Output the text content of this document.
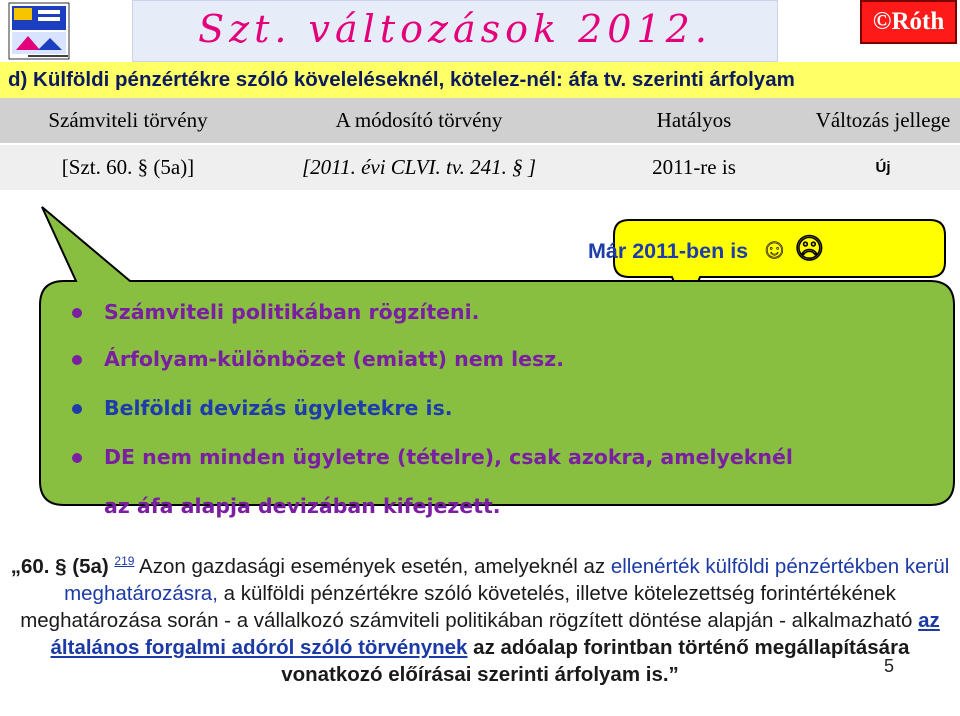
Szt. változások 2012.	©Róth
d) Külföldi pénzértékre szóló köveleléseknél, kötelez-nél: áfa tv. szerinti árfolyam
Számviteli törvény	A módosító törvény	Hatályos	Változás jellege
[Szt. 60. § (5a)]	[2011. évi CLVI. tv. 241. § ]	2011-re is	Új
Már 2011-ben is ☺ ☹
Számviteli politikában rögzíteni.
Árfolyam-különbözet (emiatt) nem lesz.
Belföldi devizás ügyletekre is.
DE nem minden ügyletre (tételre), csak azokra, amelyeknél
az áfa alapja devizában kifejezett.
„60. § (5a) $^{219}$ Azon gazdasági események esetén, amelyeknél az ellenérték külföldi pénzértékben kerül meghatározásra, a külföldi pénzértékre szóló követelés, illetve kötelezettség forintértékének meghatározása során - a vállalkozó számviteli politikában rögzített döntése alapján - alkalmazható az általános forgalmi adóról szóló törvénynek az adóalap forintban történő megállapítására vonatkozó előírásai szerinti árfolyam is.”	5
